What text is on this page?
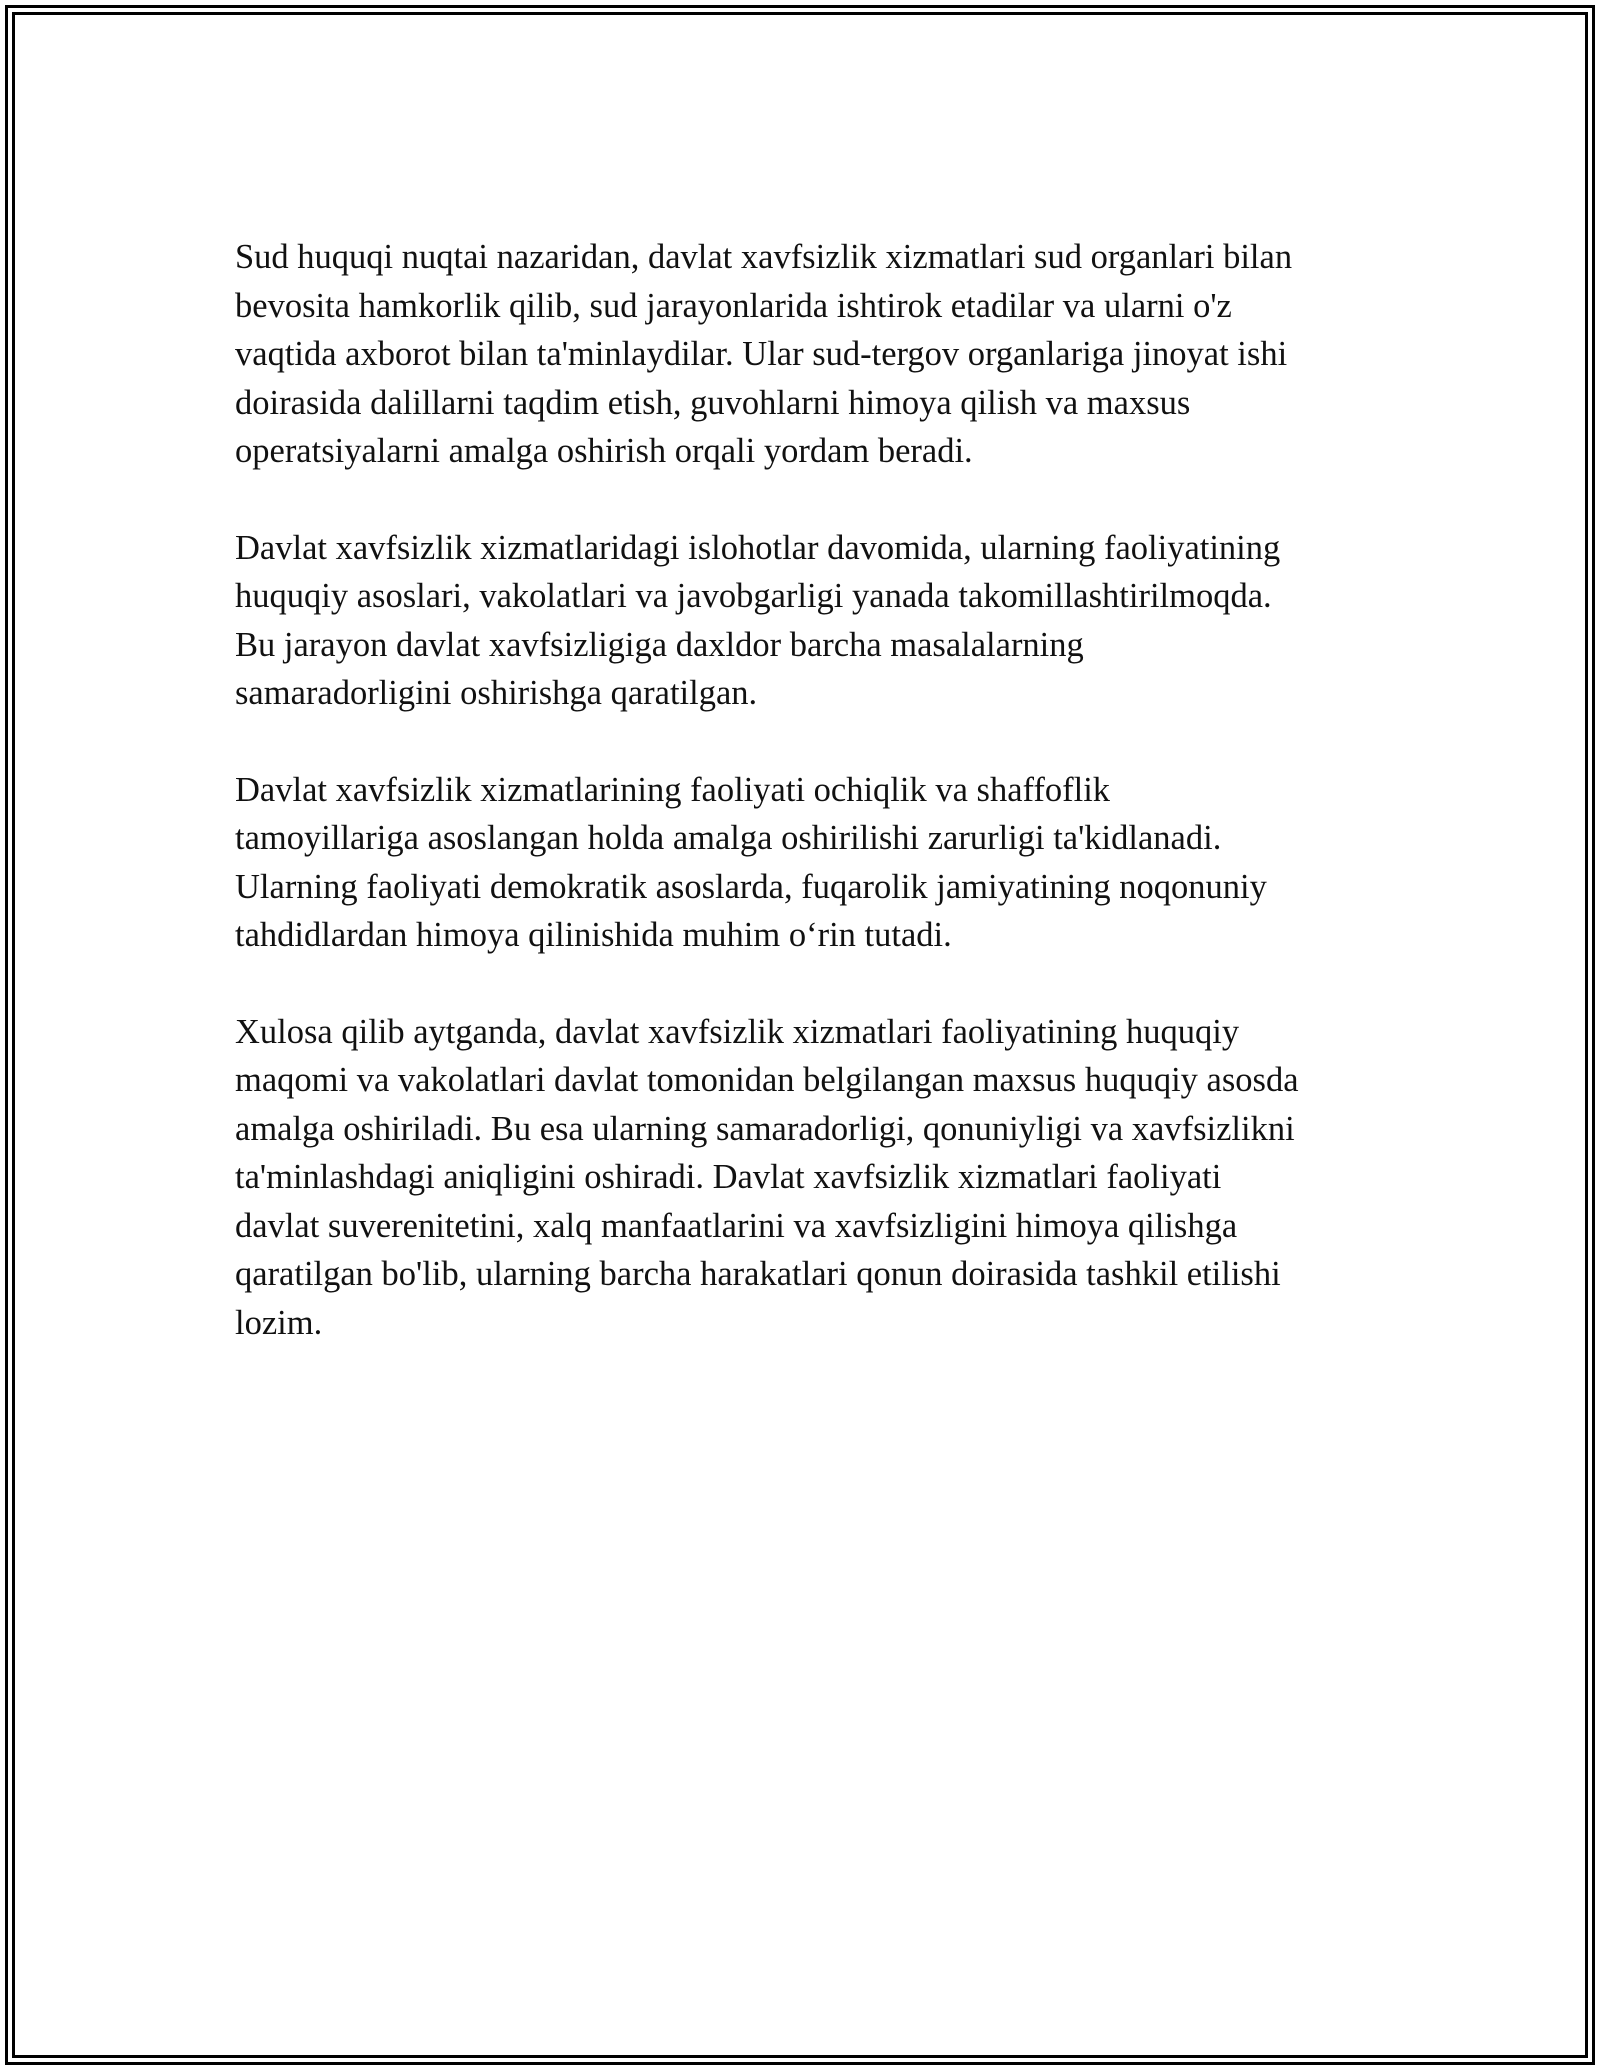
Sud huquqi nuqtai nazaridan, davlat xavfsizlik xizmatlari sud organlari bilan
bevosita hamkorlik qilib, sud jarayonlarida ishtirok etadilar va ularni o'z
vaqtida axborot bilan ta'minlaydilar. Ular sud-tergov organlariga jinoyat ishi
doirasida dalillarni taqdim etish, guvohlarni himoya qilish va maxsus
operatsiyalarni amalga oshirish orqali yordam beradi.

Davlat xavfsizlik xizmatlaridagi islohotlar davomida, ularning faoliyatining
huquqiy asoslari, vakolatlari va javobgarligi yanada takomillashtirilmoqda.
Bu jarayon davlat xavfsizligiga daxldor barcha masalalarning
samaradorligini oshirishga qaratilgan.

Davlat xavfsizlik xizmatlarining faoliyati ochiqlik va shaffoflik
tamoyillariga asoslangan holda amalga oshirilishi zarurligi ta'kidlanadi.
Ularning faoliyati demokratik asoslarda, fuqarolik jamiyatining noqonuniy
tahdidlardan himoya qilinishida muhim o‘rin tutadi.

Xulosa qilib aytganda, davlat xavfsizlik xizmatlari faoliyatining huquqiy
maqomi va vakolatlari davlat tomonidan belgilangan maxsus huquqiy asosda
amalga oshiriladi. Bu esa ularning samaradorligi, qonuniyligi va xavfsizlikni
ta'minlashdagi aniqligini oshiradi. Davlat xavfsizlik xizmatlari faoliyati
davlat suverenitetini, xalq manfaatlarini va xavfsizligini himoya qilishga
qaratilgan bo'lib, ularning barcha harakatlari qonun doirasida tashkil etilishi
lozim.
